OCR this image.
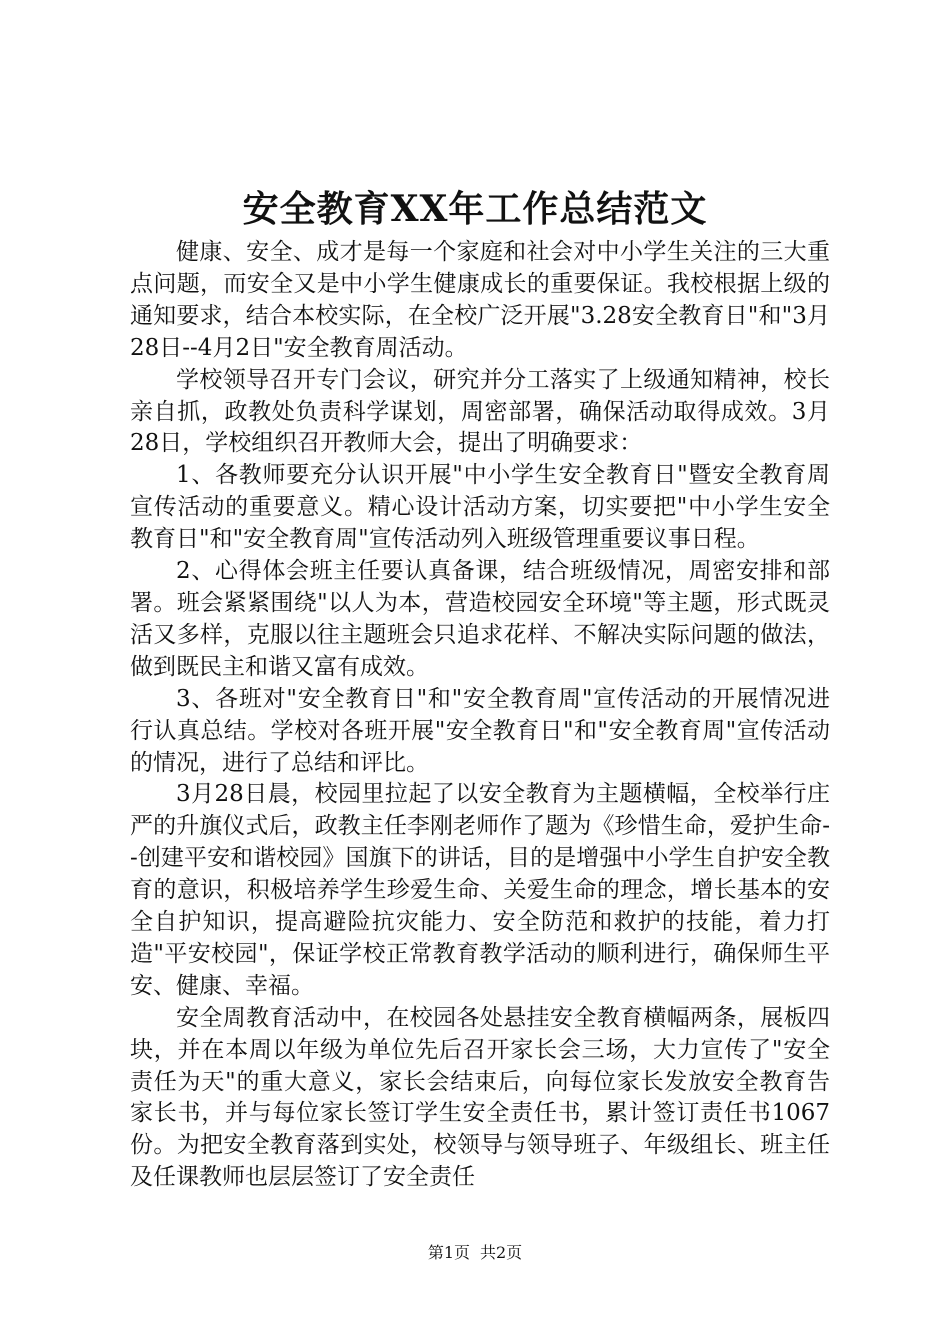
安全教育XX年工作总结范文

健康、安全、成才是每一个家庭和社会对中小学生关注的三大重点问题，而安全又是中小学生健康成长的重要保证。我校根据上级的通知要求，结合本校实际，在全校广泛开展"3.28安全教育日"和"3月28日--4月2日"安全教育周活动。

学校领导召开专门会议，研究并分工落实了上级通知精神，校长亲自抓，政教处负责科学谋划，周密部署，确保活动取得成效。3月28日，学校组织召开教师大会，提出了明确要求：

1、各教师要充分认识开展"中小学生安全教育日"暨安全教育周宣传活动的重要意义。精心设计活动方案，切实要把"中小学生安全教育日"和"安全教育周"宣传活动列入班级管理重要议事日程。

2、心得体会班主任要认真备课，结合班级情况，周密安排和部署。班会紧紧围绕"以人为本，营造校园安全环境"等主题，形式既灵活又多样，克服以往主题班会只追求花样、不解决实际问题的做法，做到既民主和谐又富有成效。

3、各班对"安全教育日"和"安全教育周"宣传活动的开展情况进行认真总结。学校对各班开展"安全教育日"和"安全教育周"宣传活动的情况，进行了总结和评比。

3月28日晨，校园里拉起了以安全教育为主题横幅，全校举行庄严的升旗仪式后，政教主任李刚老师作了题为《珍惜生命，爱护生命--创建平安和谐校园》国旗下的讲话，目的是增强中小学生自护安全教育的意识，积极培养学生珍爱生命、关爱生命的理念，增长基本的安全自护知识，提高避险抗灾能力、安全防范和救护的技能，着力打造"平安校园"，保证学校正常教育教学活动的顺利进行，确保师生平安、健康、幸福。

安全周教育活动中，在校园各处悬挂安全教育横幅两条，展板四块，并在本周以年级为单位先后召开家长会三场，大力宣传了"安全责任为天"的重大意义，家长会结束后，向每位家长发放安全教育告家长书，并与每位家长签订学生安全责任书，累计签订责任书1067份。为把安全教育落到实处，校领导与领导班子、年级组长、班主任及任课教师也层层签订了安全责任

第1页 共2页
